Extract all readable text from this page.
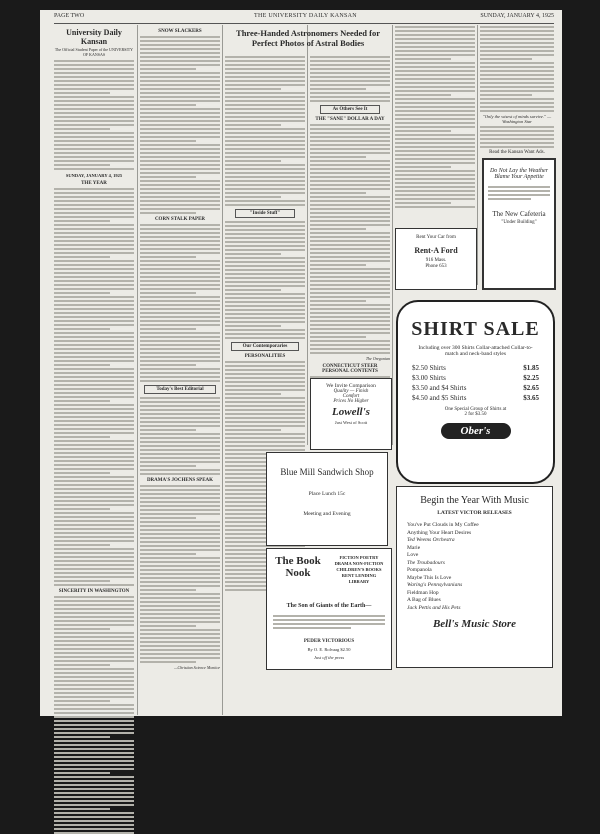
PAGE TWO	THE UNIVERSITY DAILY KANSAN	SUNDAY, JANUARY 4, 1925
University Daily Kansan
The Official Student Paper of the UNIVERSITY OF KANSAS
SUNDAY, JANUARY 4, 1925
THE YEAR
SINCERITY IN WASHINGTON
SNOW SLACKERS
CORN STALK PAPER
Today's Best Editorial
DRAMA'S JOCHENS SPEAK
—Christian Science Monitor
Three-Handed Astronomers Needed for Perfect Photos of Astral Bodies
"Inside Stuff"
Our Contemporaries
PERSONALITIES
As Others See It
THE "SANE" DOLLAR A DAY
The Oregonian
CONNECTICUT STEER PERSONAL CONTENTS
Rent Your Car from
Rent-A Ford
916 Mass.
Phone 653
"Only the wisest of minds survive." —Washington Star
Read the Kansan Want Ads.
Do Not Lay the Weather Blame Your Appetite
The New Cafeteria
"Under Building"
We Invite Comparison
Quality — Finish
Comfort
Prices No Higher
Lowell's
Just West of Scott
SHIRT SALE
Including over 300 Shirts Collar-attached Collar-to-match and neck-band styles
$2.50 Shirts	$1.85
$3.00 Shirts	$2.25
$3.50 and $4 Shirts	$2.65
$4.50 and $5 Shirts	$3.65
One Special Group of Shirts at
2 for $3.50
Ober's
Blue Mill Sandwich Shop
Place Lunch 15c
Meeting and Evening
The Book Nook
FICTION POETRY DRAMA NON-FICTION CHILDREN'S BOOKS RENT LENDING LIBRARY
The Son of Giants of the Earth—
PEDER VICTORIOUS
By O. E. Rolvaag $2.50
Just off the press
Begin the Year With Music
LATEST VICTOR RELEASES
You've Put Clouds in My Coffee
Anything Your Heart Desires
Ted Weems Orchestra
Marie
Love
The Troubadours
Pompanola
Maybe This Is Love
Waring's Pennsylvanians
Fieldman Hop
A Bag of Blues
Jack Pettis and His Pets
Bell's Music Store
